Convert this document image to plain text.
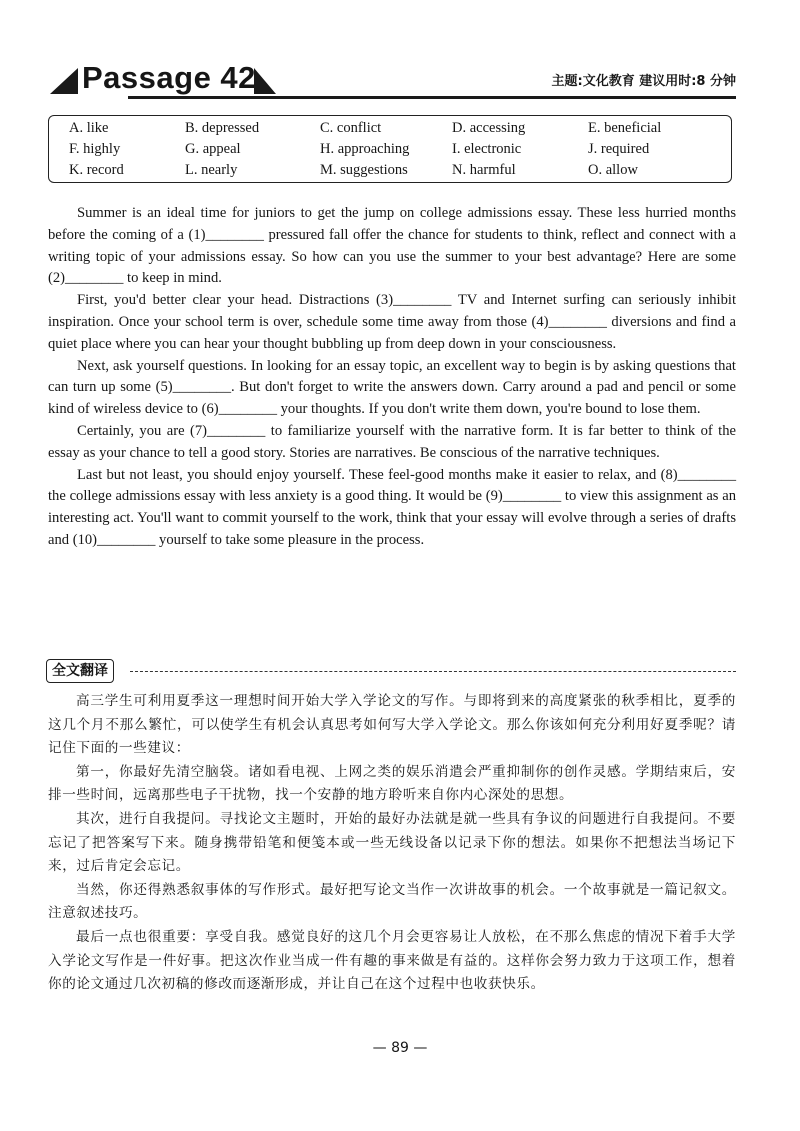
Passage 42	主题:文化教育 建议用时:8 分钟
A. like	B. depressed	C. conflict	D. accessing	E. beneficial
F. highly	G. appeal	H. approaching	I. electronic	J. required
K. record	L. nearly	M. suggestions	N. harmful	O. allow

Summer is an ideal time for juniors to get the jump on college admissions essay. These less hurried months before the coming of a (1)________ pressured fall offer the chance for students to think, reflect and connect with a writing topic of your admissions essay. So how can you use the summer to your best advantage? Here are some (2)________ to keep in mind.

First, you'd better clear your head. Distractions (3)________ TV and Internet surfing can seriously inhibit inspiration. Once your school term is over, schedule some time away from those (4)________ diversions and find a quiet place where you can hear your thought bubbling up from deep down in your consciousness.

Next, ask yourself questions. In looking for an essay topic, an excellent way to begin is by asking questions that can turn up some (5)________. But don't forget to write the answers down. Carry around a pad and pencil or some kind of wireless device to (6)________ your thoughts. If you don't write them down, you're bound to lose them.

Certainly, you are (7)________ to familiarize yourself with the narrative form. It is far better to think of the essay as your chance to tell a good story. Stories are narratives. Be conscious of the narrative techniques.

Last but not least, you should enjoy yourself. These feel-good months make it easier to relax, and (8)________ the college admissions essay with less anxiety is a good thing. It would be (9)________ to view this assignment as an interesting act. You'll want to commit yourself to the work, think that your essay will evolve through a series of drafts and (10)________ yourself to take some pleasure in the process.

全文翻译

高三学生可利用夏季这一理想时间开始大学入学论文的写作。与即将到来的高度紧张的秋季相比，夏季的这几个月不那么繁忙，可以使学生有机会认真思考如何写大学入学论文。那么你该如何充分利用好夏季呢？请记住下面的一些建议：

第一，你最好先清空脑袋。诸如看电视、上网之类的娱乐消遣会严重抑制你的创作灵感。学期结束后，安排一些时间，远离那些电子干扰物，找一个安静的地方聆听来自你内心深处的思想。

其次，进行自我提问。寻找论文主题时，开始的最好办法就是就一些具有争议的问题进行自我提问。不要忘记了把答案写下来。随身携带铅笔和便笺本或一些无线设备以记录下你的想法。如果你不把想法当场记下来，过后肯定会忘记。

当然，你还得熟悉叙事体的写作形式。最好把写论文当作一次讲故事的机会。一个故事就是一篇记叙文。注意叙述技巧。

最后一点也很重要：享受自我。感觉良好的这几个月会更容易让人放松，在不那么焦虑的情况下着手大学入学论文写作是一件好事。把这次作业当成一件有趣的事来做是有益的。这样你会努力致力于这项工作，想着你的论文通过几次初稿的修改而逐渐形成，并让自己在这个过程中也收获快乐。

— 89 —
